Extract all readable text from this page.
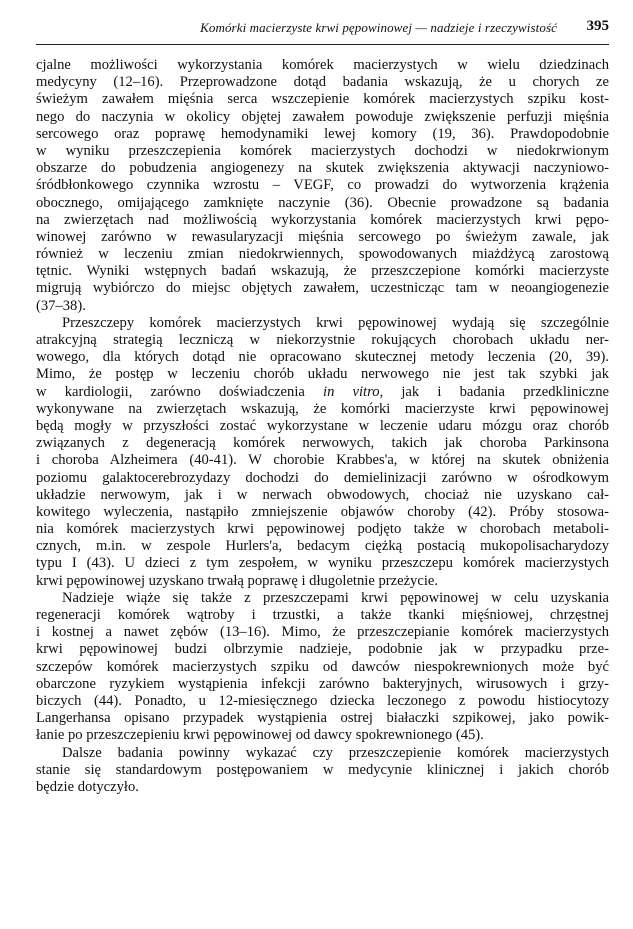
Komórki macierzyste krwi pępowinowej — nadzieje i rzeczywistość 395
cjalne możliwości wykorzystania komórek macierzystych w wielu dziedzinach
medycyny (12–16). Przeprowadzone dotąd badania wskazują, że u chorych ze
świeżym zawałem mięśnia serca wszczepienie komórek macierzystych szpiku kost-
nego do naczynia w okolicy objętej zawałem powoduje zwiększenie perfuzji mięśnia
sercowego oraz poprawę hemodynamiki lewej komory (19, 36). Prawdopodobnie
w wyniku przeszczepienia komórek macierzystych dochodzi w niedokrwionym
obszarze do pobudzenia angiogenezy na skutek zwiększenia aktywacji naczyniowo-
śródbłonkowego czynnika wzrostu – VEGF, co prowadzi do wytworzenia krążenia
obocznego, omijającego zamknięte naczynie (36). Obecnie prowadzone są badania
na zwierzętach nad możliwością wykorzystania komórek macierzystych krwi pępo-
winowej zarówno w rewasularyzacji mięśnia sercowego po świeżym zawale, jak
również w leczeniu zmian niedokrwiennych, spowodowanych miażdżycą zarostową
tętnic. Wyniki wstępnych badań wskazują, że przeszczepione komórki macierzyste
migrują wybiórczo do miejsc objętych zawałem, uczestnicząc tam w neoangiogenezie
(37–38).
Przeszczepy komórek macierzystych krwi pępowinowej wydają się szczególnie
atrakcyjną strategią leczniczą w niekorzystnie rokujących chorobach układu ner-
wowego, dla których dotąd nie opracowano skutecznej metody leczenia (20, 39).
Mimo, że postęp w leczeniu chorób układu nerwowego nie jest tak szybki jak
w kardiologii, zarówno doświadczenia in vitro, jak i badania przedkliniczne
wykonywane na zwierzętach wskazują, że komórki macierzyste krwi pępowinowej
będą mogły w przyszłości zostać wykorzystane w leczenie udaru mózgu oraz chorób
związanych z degeneracją komórek nerwowych, takich jak choroba Parkinsona
i choroba Alzheimera (40-41). W chorobie Krabbes'a, w której na skutek obniżenia
poziomu galaktocerebrozydazy dochodzi do demielinizacji zarówno w ośrodkowym
układzie nerwowym, jak i w nerwach obwodowych, chociaż nie uzyskano cał-
kowitego wyleczenia, nastąpiło zmniejszenie objawów choroby (42). Próby stosowa-
nia komórek macierzystych krwi pępowinowej podjęto także w chorobach metaboli-
cznych, m.in. w zespole Hurlers'a, bedacym ciężką postacią mukopolisacharydozy
typu I (43). U dzieci z tym zespołem, w wyniku przeszczepu komórek macierzystych
krwi pępowinowej uzyskano trwałą poprawę i długoletnie przeżycie.
Nadzieje wiąże się także z przeszczepami krwi pępowinowej w celu uzyskania
regeneracji komórek wątroby i trzustki, a także tkanki mięśniowej, chrzęstnej
i kostnej a nawet zębów (13–16). Mimo, że przeszczepianie komórek macierzystych
krwi pępowinowej budzi olbrzymie nadzieje, podobnie jak w przypadku prze-
szczepów komórek macierzystych szpiku od dawców niespokrewnionych może być
obarczone ryzykiem wystąpienia infekcji zarówno bakteryjnych, wirusowych i grzy-
biczych (44). Ponadto, u 12-miesięcznego dziecka leczonego z powodu histiocytozy
Langerhansa opisano przypadek wystąpienia ostrej białaczki szpikowej, jako powik-
łanie po przeszczepieniu krwi pępowinowej od dawcy spokrewnionego (45).
Dalsze badania powinny wykazać czy przeszczepienie komórek macierzystych
stanie się standardowym postępowaniem w medycynie klinicznej i jakich chorób
będzie dotyczyło.
